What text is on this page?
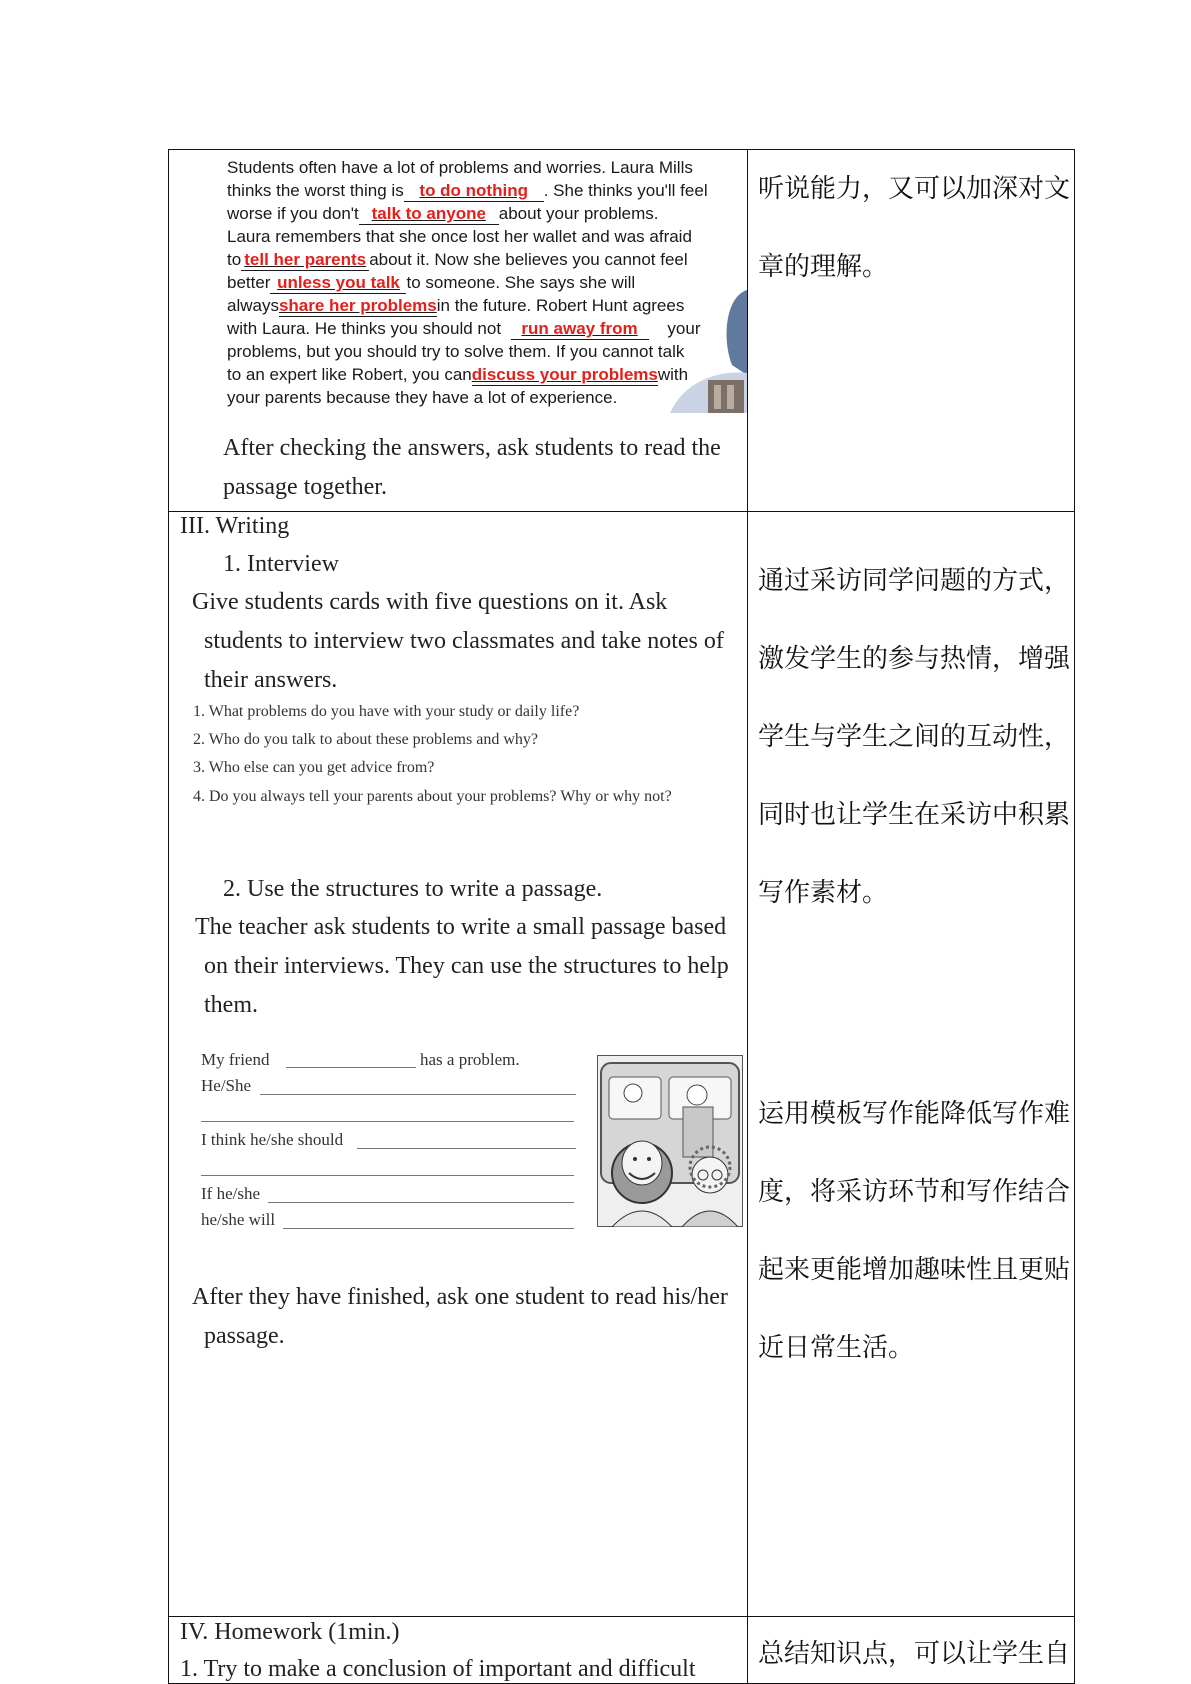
Students often have a lot of problems and worries. Laura Mills
thinks the worst thing is to do nothing . She thinks you'll feel
worse if you don't talk to anyone about your problems.
Laura remembers that she once lost her wallet and was afraid
to tell her parents about it. Now she believes you cannot feel
better unless you talk to someone. She says she will
alwaysshare her problemsin the future. Robert Hunt agrees
with Laura. He thinks you should not run away from your
problems, but you should try to solve them. If you cannot talk
to an expert like Robert, you candiscuss your problemswith
your parents because they have a lot of experience.
After checking the answers, ask students to read the
passage together.
听说能力，又可以加深对文
章的理解。
III. Writing
1. Interview
Give students cards with five questions on it. Ask
students to interview two classmates and take notes of
their answers.
1. What problems do you have with your study or daily life?
2. Who do you talk to about these problems and why?
3. Who else can you get advice from?
4. Do you always tell your parents about your problems? Why or why not?
2. Use the structures to write a passage.
The teacher ask students to write a small passage based
on their interviews. They can use the structures to help
them.
My friend	has a problem.
He/She
I think he/she should
If he/she
he/she will
After they have finished, ask one student to read his/her
passage.
通过采访同学问题的方式，
激发学生的参与热情，增强
学生与学生之间的互动性，
同时也让学生在采访中积累
写作素材。
运用模板写作能降低写作难
度，将采访环节和写作结合
起来更能增加趣味性且更贴
近日常生活。
IV. Homework (1min.)
1. Try to make a conclusion of important and difficult 总结知识点，可以让学生自
